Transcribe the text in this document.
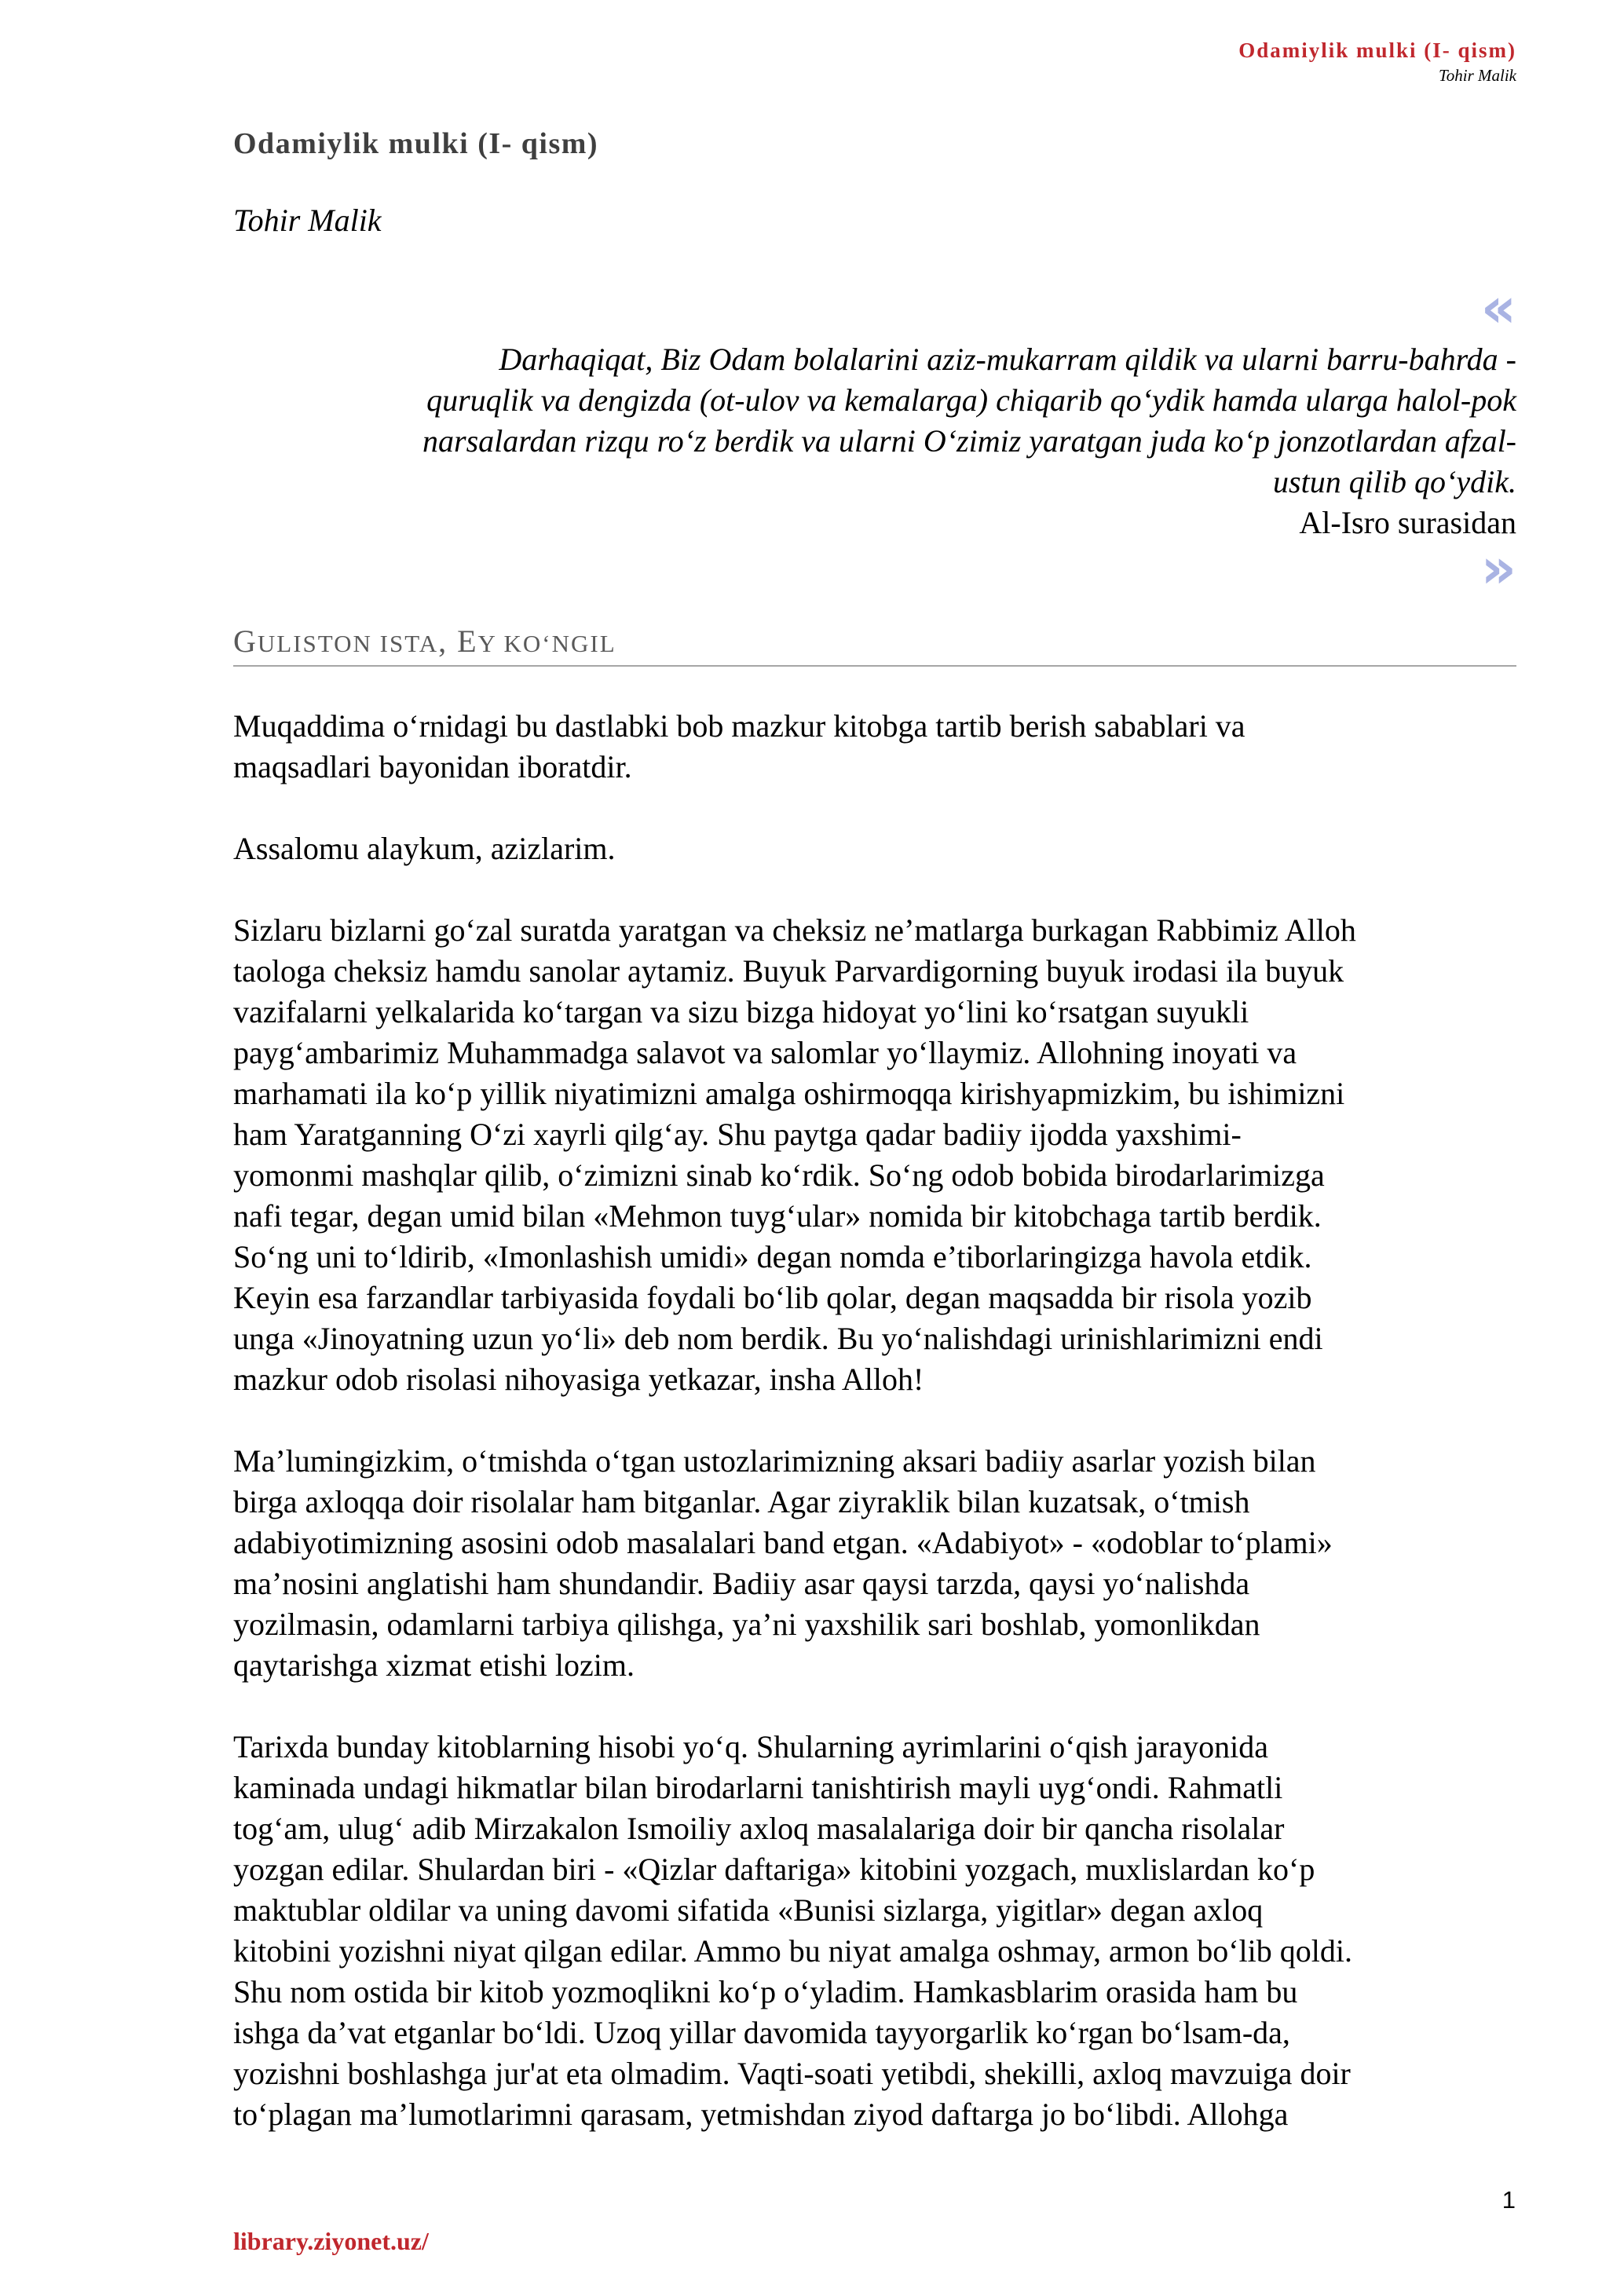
Odamiylik mulki (I- qism)
Tohir Malik
Odamiylik mulki (I- qism)
Tohir Malik
«
Darhaqiqat, Biz Odam bolalarini aziz-mukarram qildik va ularni barru-bahrda -
quruqlik va dengizda (ot-ulov va kemalarga) chiqarib qo‘ydik hamda ularga halol-pok
narsalardan rizqu ro‘z berdik va ularni O‘zimiz yaratgan juda ko‘p jonzotlardan afzal-
ustun qilib qo‘ydik.
Al-Isro surasidan
»
GULISTON ISTA, EY KO‘NGIL

Muqaddima o‘rnidagi bu dastlabki bob mazkur kitobga tartib berish sabablari va
maqsadlari bayonidan iboratdir.

Assalomu alaykum, azizlarim.

Sizlaru bizlarni go‘zal suratda yaratgan va cheksiz ne’matlarga burkagan Rabbimiz Alloh
taologa cheksiz hamdu sanolar aytamiz. Buyuk Parvardigorning buyuk irodasi ila buyuk
vazifalarni yelkalarida ko‘targan va sizu bizga hidoyat yo‘lini ko‘rsatgan suyukli
payg‘ambarimiz Muhammadga salavot va salomlar yo‘llaymiz. Allohning inoyati va
marhamati ila ko‘p yillik niyatimizni amalga oshirmoqqa kirishyapmizkim, bu ishimizni
ham Yaratganning O‘zi xayrli qilg‘ay. Shu paytga qadar badiiy ijodda yaxshimi-
yomonmi mashqlar qilib, o‘zimizni sinab ko‘rdik. So‘ng odob bobida birodarlarimizga
nafi tegar, degan umid bilan «Mehmon tuyg‘ular» nomida bir kitobchaga tartib berdik.
So‘ng uni to‘ldirib, «Imonlashish umidi» degan nomda e’tiborlaringizga havola etdik.
Keyin esa farzandlar tarbiyasida foydali bo‘lib qolar, degan maqsadda bir risola yozib
unga «Jinoyatning uzun yo‘li» deb nom berdik. Bu yo‘nalishdagi urinishlarimizni endi
mazkur odob risolasi nihoyasiga yetkazar, insha Alloh!

Ma’lumingizkim, o‘tmishda o‘tgan ustozlarimizning aksari badiiy asarlar yozish bilan
birga axloqqa doir risolalar ham bitganlar. Agar ziyraklik bilan kuzatsak, o‘tmish
adabiyotimizning asosini odob masalalari band etgan. «Adabiyot» - «odoblar to‘plami»
ma’nosini anglatishi ham shundandir. Badiiy asar qaysi tarzda, qaysi yo‘nalishda
yozilmasin, odamlarni tarbiya qilishga, ya’ni yaxshilik sari boshlab, yomonlikdan
qaytarishga xizmat etishi lozim.

Tarixda bunday kitoblarning hisobi yo‘q. Shularning ayrimlarini o‘qish jarayonida
kaminada undagi hikmatlar bilan birodarlarni tanishtirish mayli uyg‘ondi. Rahmatli
tog‘am, ulug‘ adib Mirzakalon Ismoiliy axloq masalalariga doir bir qancha risolalar
yozgan edilar. Shulardan biri - «Qizlar daftariga» kitobini yozgach, muxlislardan ko‘p
maktublar oldilar va uning davomi sifatida «Bunisi sizlarga, yigitlar» degan axloq
kitobini yozishni niyat qilgan edilar. Ammo bu niyat amalga oshmay, armon bo‘lib qoldi.
Shu nom ostida bir kitob yozmoqlikni ko‘p o‘yladim. Hamkasblarim orasida ham bu
ishga da’vat etganlar bo‘ldi. Uzoq yillar davomida tayyorgarlik ko‘rgan bo‘lsam-da,
yozishni boshlashga jur'at eta olmadim. Vaqti-soati yetibdi, shekilli, axloq mavzuiga doir
to‘plagan ma’lumotlarimni qarasam, yetmishdan ziyod daftarga jo bo‘libdi. Allohga

1
library.ziyonet.uz/
